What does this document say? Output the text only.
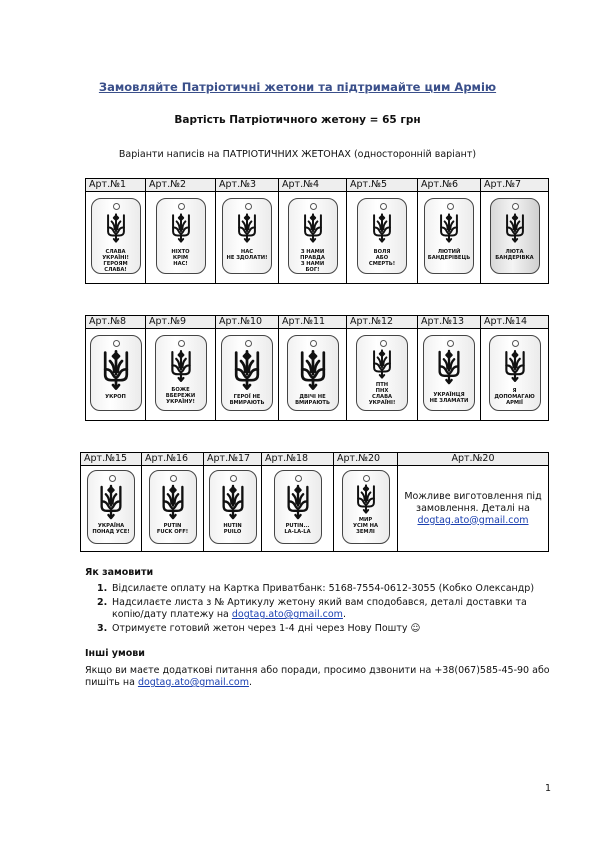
Замовляйте Патріотичні жетони та підтримайте цим Армію
Вартість Патріотичного жетону = 65 грн
Варіанти написів на ПАТРІОТИЧНИХ ЖЕТОНАХ (односторонній варіант)
Арт.№1	Арт.№2	Арт.№3	Арт.№4	Арт.№5	Арт.№6	Арт.№7

СЛАВА
УКРАЇНІ!
ГЕРОЯМ
СЛАВА!	НІХТО
КРІМ
НАС!	НАС
НЕ ЗДОЛАТИ!	З НАМИ
ПРАВДА
З НАМИ
БОГ!	ВОЛЯ
АБО
СМЕРТЬ!	ЛЮТИЙ
БАНДЕРІВЕЦЬ	ЛЮТА
БАНДЕРІВКА
Арт.№8	Арт.№9	Арт.№10	Арт.№11	Арт.№12	Арт.№13	Арт.№14

УКРОП	БОЖЕ
ВБЕРЕЖИ
УКРАЇНУ!	ГЕРОЇ НЕ
ВМИРАЮТЬ	ДВІЧІ НЕ
ВМИРАЮТЬ	ПТН
ПНХ
СЛАВА
УКРАЇНІ!	УКРАЇНЦЯ
НЕ ЗЛАМАТИ	Я
ДОПОМАГАЮ
АРМІЇ
Арт.№15	Арт.№16	Арт.№17	Арт.№18	Арт.№20	Арт.№20

УКРАЇНА
ПОНАД УСЕ!	PUTIN
FUCK OFF!	HUTIN
PUILO	PUTIN...
LA-LA-LA	МИР
УСІМ НА
ЗЕМЛІ	Можливе виготовлення під замовлення. Деталі на
dogtag.ato@gmail.com
Як замовити
1. Відсилаєте оплату на Картка Приватбанк: 5168-7554-0612-3055 (Кобко Олександр)
2. Надсилаєте листа з № Артикулу жетону який вам сподобався, деталі доставки та копію/дату платежу на dogtag.ato@gmail.com.
3. Отримуєте готовий жетон через 1-4 дні через Нову Пошту ☺
Інші умови
Якщо ви маєте додаткові питання або поради, просимо дзвонити на +38(067)585-45-90 або пишіть на dogtag.ato@gmail.com.
1
